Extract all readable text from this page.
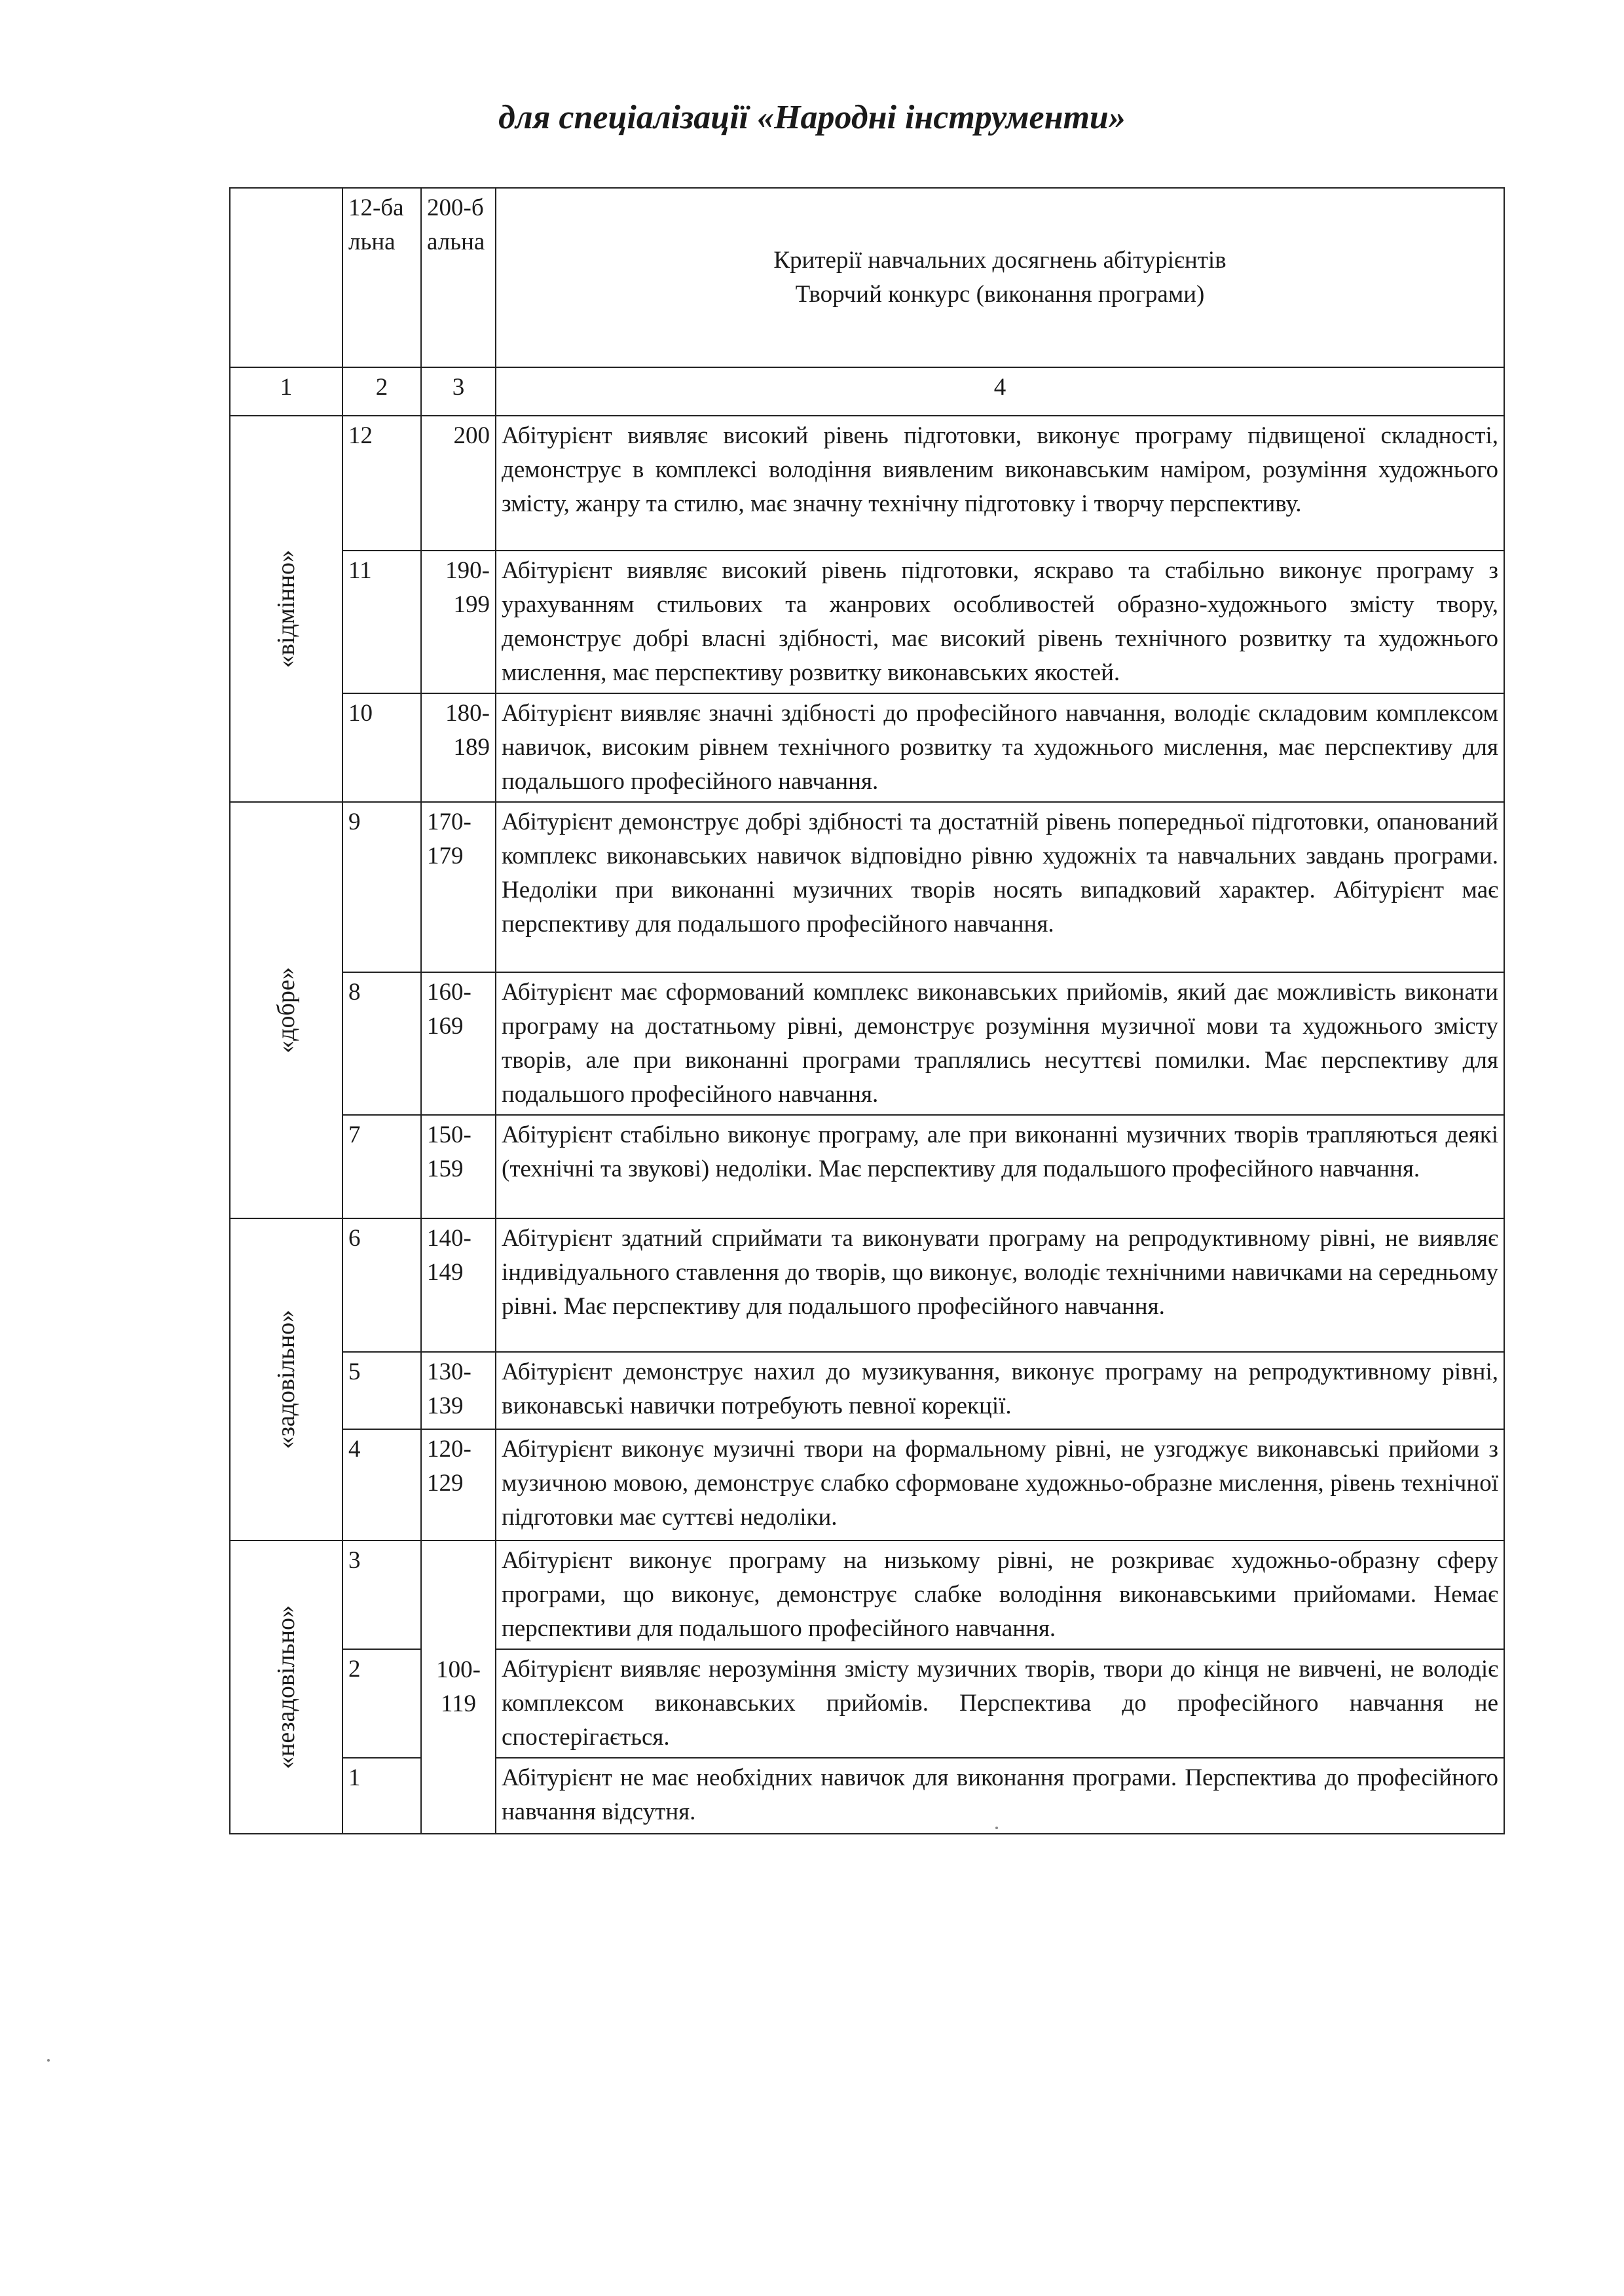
для спеціалізації «Народні інструменти»
	12-бальна	200-бальна	Критерії навчальних досягнень абітурієнтів
Творчий конкурс (виконання програми)

1	2	3	4

«відмінно»	12	200	Абітурієнт виявляє високий рівень підготовки, виконує програму підвищеної складності, демонструє в комплексі володіння виявленим виконавським наміром, розуміння художнього змісту, жанру та стилю, має значну технічну підготовку і творчу перспективу.
	11	190-199	Абітурієнт виявляє високий рівень підготовки, яскраво та стабільно виконує програму з урахуванням стильових та жанрових особливостей образно-художнього змісту твору, демонструє добрі власні здібності, має високий рівень технічного розвитку та художнього мислення, має перспективу розвитку виконавських якостей.
	10	180-189	Абітурієнт виявляє значні здібності до професійного навчання, володіє складовим комплексом навичок, високим рівнем технічного розвитку та художнього мислення, має перспективу для подальшого професійного навчання.

«добре»	9	170-179	Абітурієнт демонструє добрі здібності та достатній рівень попередньої підготовки, опанований комплекс виконавських навичок відповідно рівню художніх та навчальних завдань програми. Недоліки при виконанні музичних творів носять випадковий характер. Абітурієнт має перспективу для подальшого професійного навчання.
	8	160-169	Абітурієнт має сформований комплекс виконавських прийомів, який дає можливість виконати програму на достатньому рівні, демонструє розуміння музичної мови та художнього змісту творів, але при виконанні програми траплялись несуттєві помилки. Має перспективу для подальшого професійного навчання.
	7	150-159	Абітурієнт стабільно виконує програму, але при виконанні музичних творів трапляються деякі (технічні та звукові) недоліки. Має перспективу для подальшого професійного навчання.

«задовільно»	6	140-149	Абітурієнт здатний сприймати та виконувати програму на репродуктивному рівні, не виявляє індивідуального ставлення до творів, що виконує, володіє технічними навичками на середньому рівні. Має перспективу для подальшого професійного навчання.
	5	130-139	Абітурієнт демонструє нахил до музикування, виконує програму на репродуктивному рівні, виконавські навички потребують певної корекції.
	4	120-129	Абітурієнт виконує музичні твори на формальному рівні, не узгоджує виконавські прийоми з музичною мовою, демонструє слабко сформоване художньо-образне мислення, рівень технічної підготовки має суттєві недоліки.

«незадовільно»	3	100-119	Абітурієнт виконує програму на низькому рівні, не розкриває художньо-образну сферу програми, що виконує, демонструє слабке володіння виконавськими прийомами. Немає перспективи для подальшого професійного навчання.
	2		Абітурієнт виявляє нерозуміння змісту музичних творів, твори до кінця не вивчені, не володіє комплексом виконавських прийомів. Перспектива до професійного навчання не спостерігається.
	1		Абітурієнт не має необхідних навичок для виконання програми. Перспектива до професійного навчання відсутня.
